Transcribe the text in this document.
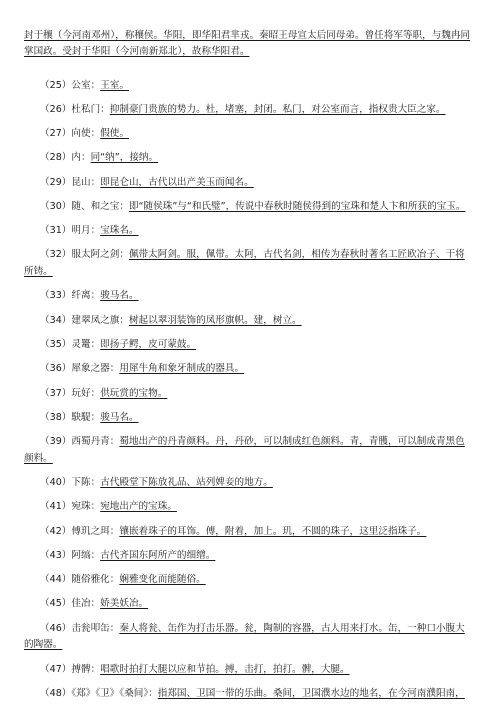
封于穰（今河南邓州），称穰侯。华阳，即华阳君芈戎。秦昭王母宣太后同母弟。曾任将军等职，与魏冉同
掌国政。受封于华阳（今河南新郑北），故称华阳君。
（25）公室：王室。
（26）杜私门：抑制豪门贵族的势力。杜，堵塞，封闭。私门，对公室而言，指权贵大臣之家。
（27）向使：假使。
（28）内：同“纳”，接纳。
（29）昆山：即昆仑山，古代以出产美玉而闻名。
（30）随、和之宝：即“随侯珠”与“和氏璧”，传说中春秋时随侯得到的宝珠和楚人卞和所获的宝玉。
（31）明月：宝珠名。
（32）服太阿之剑：佩带太阿剑。服，佩带。太阿，古代名剑，相传为春秋时著名工匠欧冶子、干将
所铸。
（33）纤离：骏马名。
（34）建翠凤之旗：树起以翠羽装饰的凤形旗帜。建，树立。
（35）灵鼍：即扬子鳄，皮可蒙鼓。
（36）犀象之器：用犀牛角和象牙制成的器具。
（37）玩好：供玩赏的宝物。
（38）駃騠：骏马名。
（39）西蜀丹青：蜀地出产的丹青颜料。丹，丹砂，可以制成红色颜料。青，青雘，可以制成青黑色
颜料。
（40）下陈：古代殿堂下陈放礼品、站列婢妾的地方。
（41）宛珠：宛地出产的宝珠。
（42）傅玑之珥：镶嵌着珠子的耳饰。傅，附着，加上。玑，不圆的珠子，这里泛指珠子。
（43）阿缟：古代齐国东阿所产的细缯。
（44）随俗雅化：娴雅变化而能随俗。
（45）佳冶：娇美妖冶。
（46）击瓮叩缶：秦人将瓮、缶作为打击乐器。瓮，陶制的容器，古人用来打水。缶，一种口小腹大
的陶器。
（47）搏髀：唱歌时拍打大腿以应和节拍。搏，击打，拍打。髀，大腿。
（48）《郑》《卫》《桑间》：指郑国、卫国一带的乐曲。桑间，卫国濮水边的地名，在今河南濮阳南，
